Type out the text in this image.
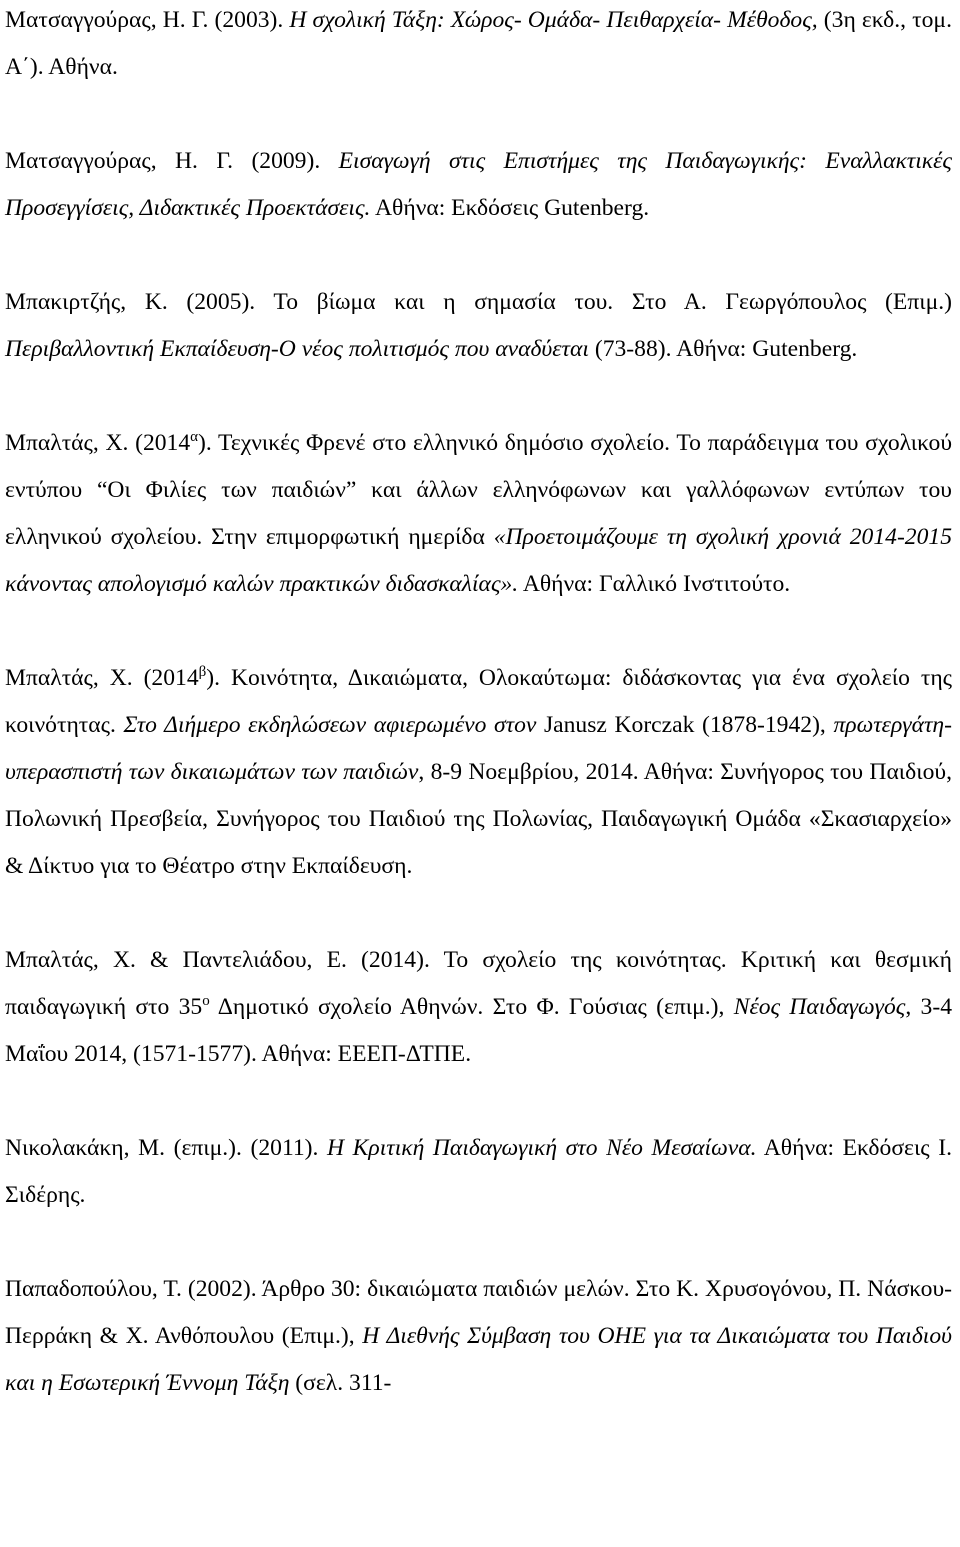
Ματσαγγούρας, Η. Γ. (2003). Η σχολική Τάξη: Χώρος- Ομάδα- Πειθαρχεία- Μέθοδος, (3η εκδ., τομ. Α΄). Αθήνα.
Ματσαγγούρας, Η. Γ. (2009). Εισαγωγή στις Επιστήμες της Παιδαγωγικής: Εναλλακτικές Προσεγγίσεις, Διδακτικές Προεκτάσεις. Αθήνα: Εκδόσεις Gutenberg.
Μπακιρτζής, Κ. (2005). Το βίωμα και η σημασία του. Στο Α. Γεωργόπουλος (Επιμ.) Περιβαλλοντική Εκπαίδευση-Ο νέος πολιτισμός που αναδύεται (73-88). Αθήνα: Gutenberg.
Μπαλτάς, Χ. $(2014^\alpha)$. Τεχνικές Φρενέ στο ελληνικό δημόσιο σχολείο. Το παράδειγμα του σχολικού εντύπου “Οι Φιλίες των παιδιών” και άλλων ελληνόφωνων και γαλλόφωνων εντύπων του ελληνικού σχολείου. Στην επιμορφωτική ημερίδα «Προετοιμάζουμε τη σχολική χρονιά 2014-2015 κάνοντας απολογισμό καλών πρακτικών διδασκαλίας». Αθήνα: Γαλλικό Ινστιτούτο.
Μπαλτάς, Χ. $(2014^\beta)$. Κοινότητα, Δικαιώματα, Ολοκαύτωμα: διδάσκοντας για ένα σχολείο της κοινότητας. Στο Διήμερο εκδηλώσεων αφιερωμένο στον Janusz Korczak (1878-1942), πρωτεργάτη- υπερασπιστή των δικαιωμάτων των παιδιών, 8-9 Νοεμβρίου, 2014. Αθήνα: Συνήγορος του Παιδιού, Πολωνική Πρεσβεία, Συνήγορος του Παιδιού της Πολωνίας, Παιδαγωγική Ομάδα «Σκασιαρχείο» & Δίκτυο για το Θέατρο στην Εκπαίδευση.
Μπαλτάς, Χ. & Παντελιάδου, Ε. (2014). Το σχολείο της κοινότητας. Κριτική και θεσμική παιδαγωγική στο $35^o$ Δημοτικό σχολείο Αθηνών. Στο Φ. Γούσιας (επιμ.), Νέος Παιδαγωγός, 3-4 Μαΐου 2014, (1571-1577). Αθήνα: ΕΕΕΠ-ΔΤΠΕ.
Νικολακάκη, Μ. (επιμ.). (2011). Η Κριτική Παιδαγωγική στο Νέο Μεσαίωνα. Αθήνα: Εκδόσεις Ι. Σιδέρης.
Παπαδοπούλου, Τ. (2002). Άρθρο 30: δικαιώματα παιδιών μελών. Στο Κ. Χρυσογόνου, Π. Νάσκου-Περράκη & Χ. Ανθόπουλου (Επιμ.), Η Διεθνής Σύμβαση του ΟΗΕ για τα Δικαιώματα του Παιδιού και η Εσωτερική Έννομη Τάξη (σελ. 311-
